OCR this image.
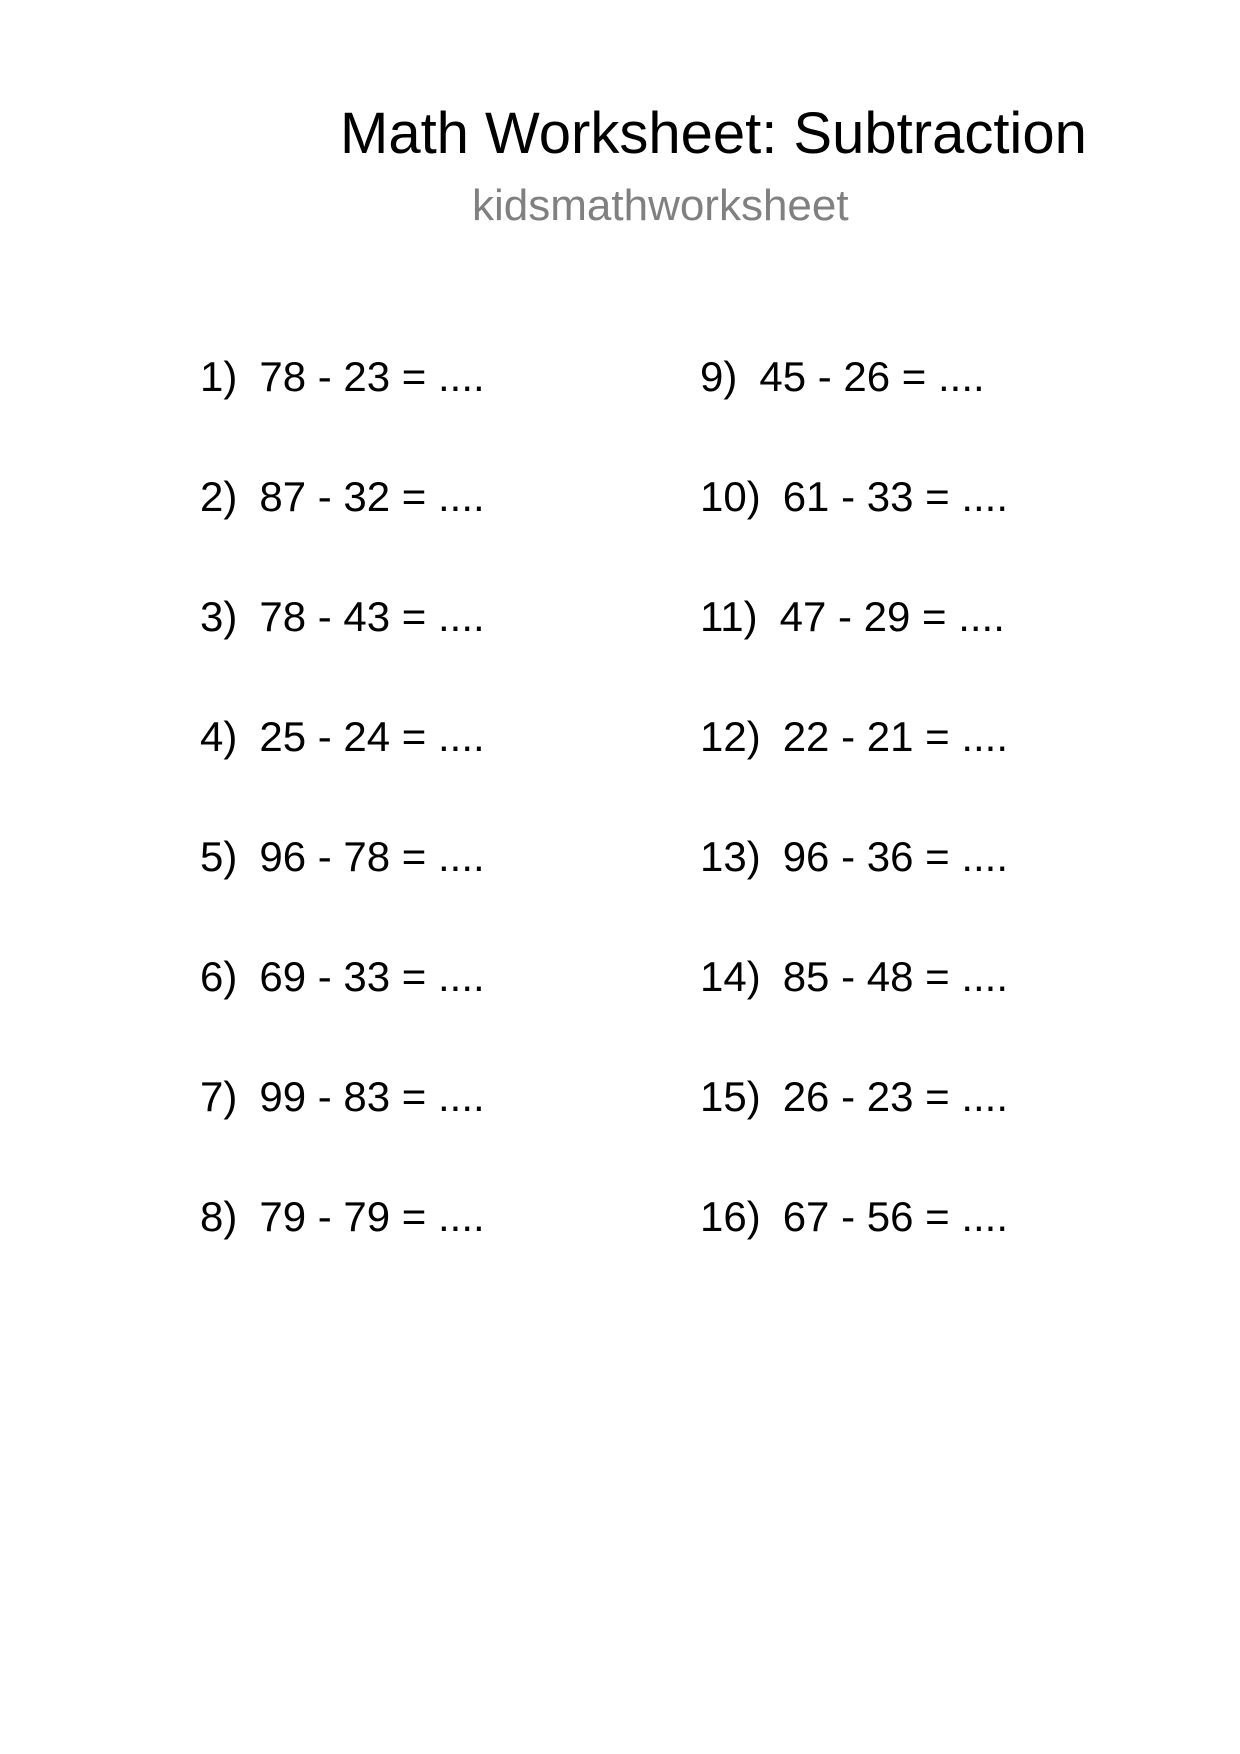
Math Worksheet: Subtraction
kidsmathworksheet
1) 78 - 23 = ....
2) 87 - 32 = ....
3) 78 - 43 = ....
4) 25 - 24 = ....
5) 96 - 78 = ....
6) 69 - 33 = ....
7) 99 - 83 = ....
8) 79 - 79 = ....
9) 45 - 26 = ....
10) 61 - 33 = ....
11) 47 - 29 = ....
12) 22 - 21 = ....
13) 96 - 36 = ....
14) 85 - 48 = ....
15) 26 - 23 = ....
16) 67 - 56 = ....
